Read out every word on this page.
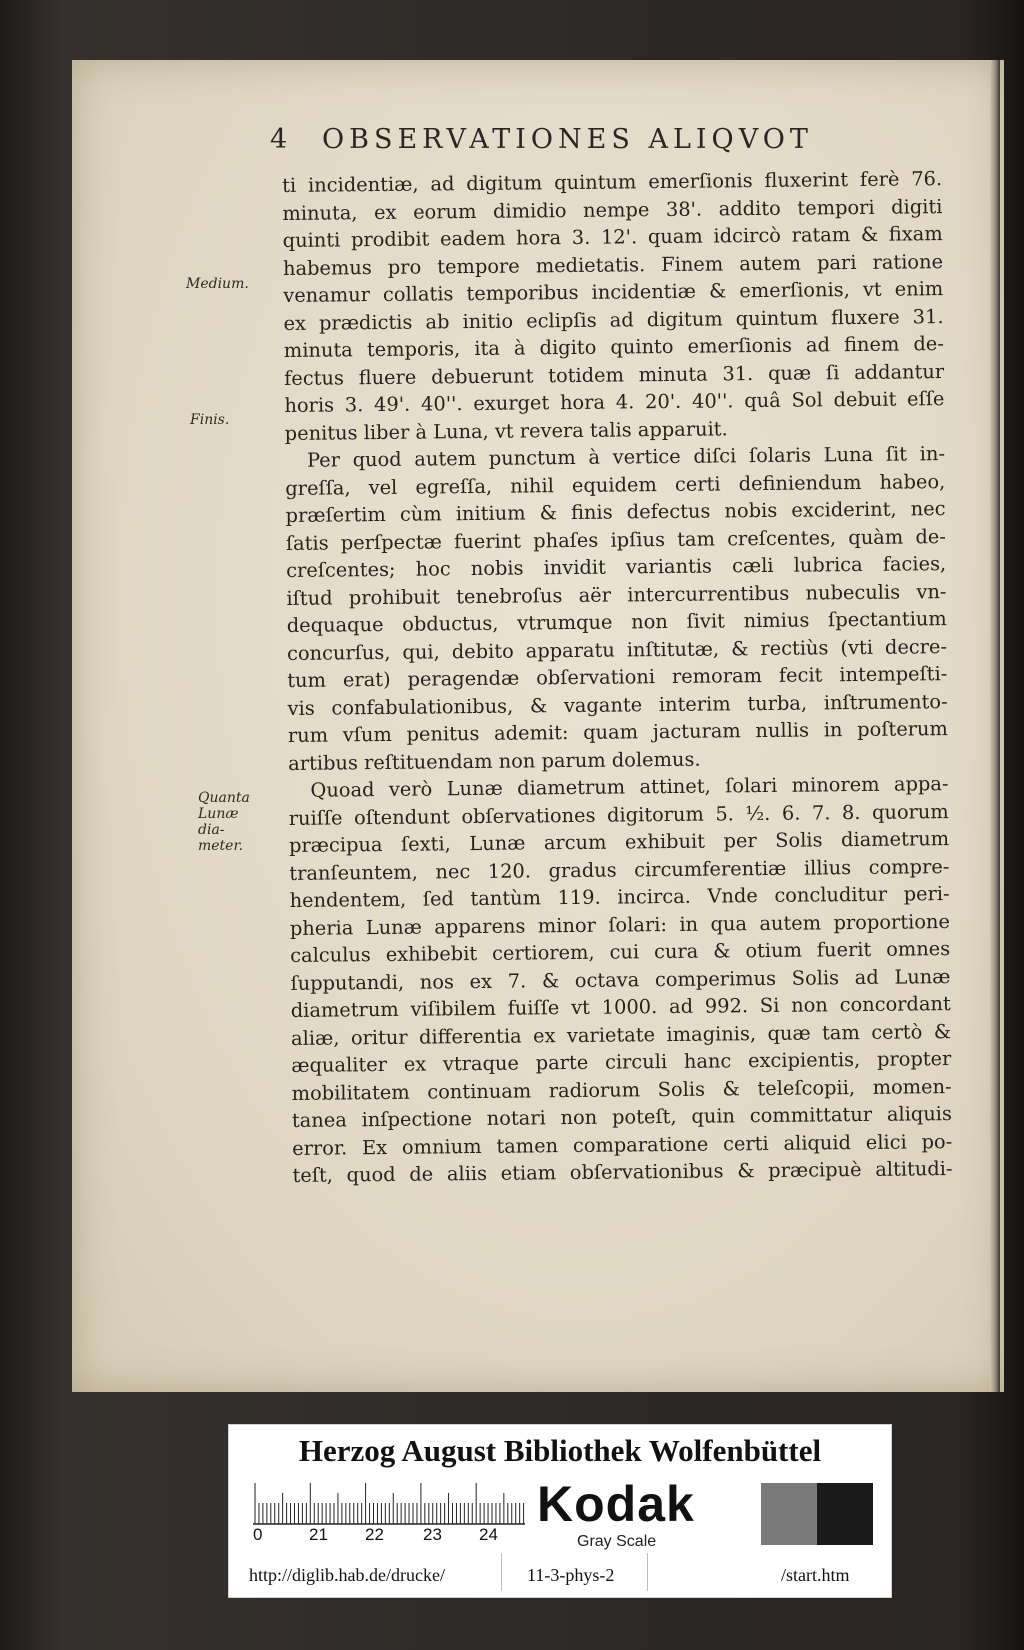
4 OBSERVATIONES ALIQVOT
Medium.
Finis.
Quanta Lunæ dia-meter.
ti incidentiæ, ad digitum quintum emerſionis fluxerint ferè 76.
minuta, ex eorum dimidio nempe 38'. addito tempori digiti
quinti prodibit eadem hora 3. 12'. quam idcircò ratam & fixam
habemus pro tempore medietatis. Finem autem pari ratione
venamur collatis temporibus incidentiæ & emerſionis, vt enim
ex prædictis ab initio eclipſis ad digitum quintum fluxere 31.
minuta temporis, ita à digito quinto emerſionis ad finem de-
fectus fluere debuerunt totidem minuta 31. quæ ſi addantur
horis 3. 49'. 40''. exurget hora 4. 20'. 40''. quâ Sol debuit eſſe
penitus liber à Luna, vt revera talis apparuit.
Per quod autem punctum à vertice diſci ſolaris Luna ſit in-
greſſa, vel egreſſa, nihil equidem certi definiendum habeo,
præſertim cùm initium & finis defectus nobis exciderint, nec
ſatis perſpectæ fuerint phaſes ipſius tam creſcentes, quàm de-
creſcentes; hoc nobis invidit variantis cæli lubrica facies,
iſtud prohibuit tenebroſus aër intercurrentibus nubeculis vn-
dequaque obductus, vtrumque non ſivit nimius ſpectantium
concurſus, qui, debito apparatu inſtitutæ, & rectiùs (vti decre-
tum erat) peragendæ obſervationi remoram fecit intempeſti-
vis confabulationibus, & vagante interim turba, inſtrumento-
rum vſum penitus ademit: quam jacturam nullis in poſterum
artibus reſtituendam non parum dolemus.
Quoad verò Lunæ diametrum attinet, ſolari minorem appa-
ruiſſe oſtendunt obſervationes digitorum 5. ½. 6. 7. 8. quorum
præcipua ſexti, Lunæ arcum exhibuit per Solis diametrum
tranſeuntem, nec 120. gradus circumferentiæ illius compre-
hendentem, ſed tantùm 119. incirca. Vnde concluditur peri-
pheria Lunæ apparens minor ſolari: in qua autem proportione
calculus exhibebit certiorem, cui cura & otium fuerit omnes
ſupputandi, nos ex 7. & octava comperimus Solis ad Lunæ
diametrum viſibilem fuiſſe vt 1000. ad 992. Si non concordant
aliæ, oritur differentia ex varietate imaginis, quæ tam certò &
æqualiter ex vtraque parte circuli hanc excipientis, propter
mobilitatem continuam radiorum Solis & teleſcopii, momen-
tanea inſpectione notari non poteſt, quin committatur aliquis
error. Ex omnium tamen comparatione certi aliquid elici po-
teſt, quod de aliis etiam obſervationibus & præcipuè altitudi-
Herzog August Bibliothek Wolfenbüttel
0	21 22 23 24
Kodak
Gray Scale
http://diglib.hab.de/drucke/	11-3-phys-2	/start.htm
